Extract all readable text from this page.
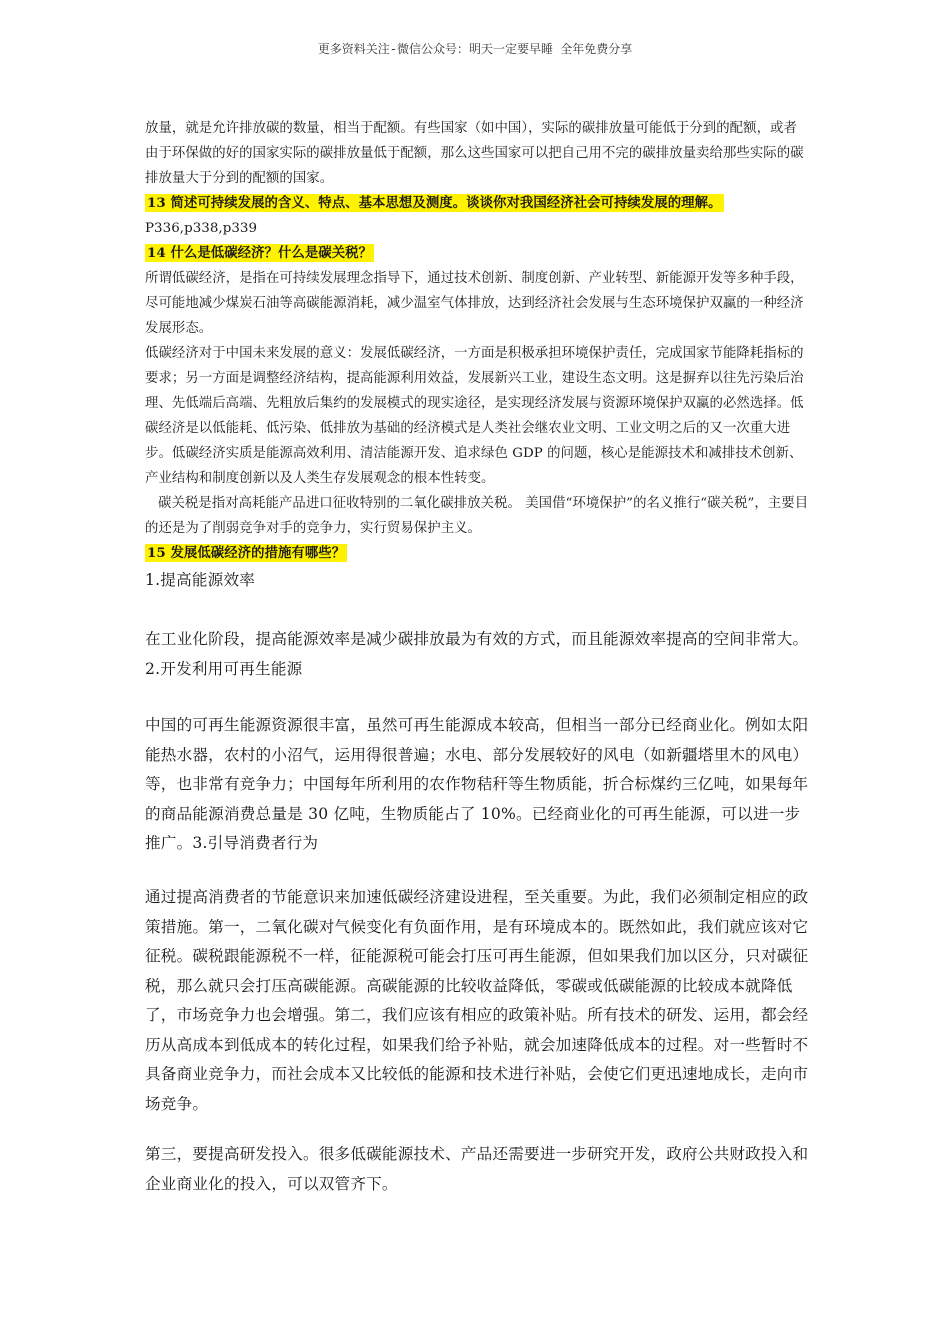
更多资料关注-微信公众号：明天一定要早睡 全年免费分享

放量，就是允许排放碳的数量，相当于配额。有些国家（如中国），实际的碳排放量可能低于分到的配额，或者由于环保做的好的国家实际的碳排放量低于配额，那么这些国家可以把自己用不完的碳排放量卖给那些实际的碳排放量大于分到的配额的国家。

13 简述可持续发展的含义、特点、基本思想及测度。谈谈你对我国经济社会可持续发展的理解。

P336,p338,p339

14 什么是低碳经济？什么是碳关税？

所谓低碳经济，是指在可持续发展理念指导下，通过技术创新、制度创新、产业转型、新能源开发等多种手段，尽可能地减少煤炭石油等高碳能源消耗，减少温室气体排放，达到经济社会发展与生态环境保护双赢的一种经济发展形态。

低碳经济对于中国未来发展的意义：发展低碳经济，一方面是积极承担环境保护责任，完成国家节能降耗指标的要求；另一方面是调整经济结构，提高能源利用效益，发展新兴工业，建设生态文明。这是摒弃以往先污染后治理、先低端后高端、先粗放后集约的发展模式的现实途径，是实现经济发展与资源环境保护双赢的必然选择。低碳经济是以低能耗、低污染、低排放为基础的经济模式是人类社会继农业文明、工业文明之后的又一次重大进步。低碳经济实质是能源高效利用、清洁能源开发、追求绿色 GDP 的问题，核心是能源技术和减排技术创新、产业结构和制度创新以及人类生存发展观念的根本性转变。

碳关税是指对高耗能产品进口征收特别的二氧化碳排放关税。 美国借“环境保护”的名义推行“碳关税”，主要目的还是为了削弱竞争对手的竞争力，实行贸易保护主义。

15 发展低碳经济的措施有哪些？

1.提高能源效率

在工业化阶段，提高能源效率是减少碳排放最为有效的方式，而且能源效率提高的空间非常大。2.开发利用可再生能源

中国的可再生能源资源很丰富，虽然可再生能源成本较高，但相当一部分已经商业化。例如太阳能热水器，农村的小沼气，运用得很普遍；水电、部分发展较好的风电（如新疆塔里木的风电）等，也非常有竞争力；中国每年所利用的农作物秸秆等生物质能，折合标煤约三亿吨，如果每年的商品能源消费总量是 30 亿吨，生物质能占了 10%。已经商业化的可再生能源，可以进一步推广。3.引导消费者行为

通过提高消费者的节能意识来加速低碳经济建设进程，至关重要。为此，我们必须制定相应的政策措施。第一，二氧化碳对气候变化有负面作用，是有环境成本的。既然如此，我们就应该对它征税。碳税跟能源税不一样，征能源税可能会打压可再生能源，但如果我们加以区分，只对碳征税，那么就只会打压高碳能源。高碳能源的比较收益降低，零碳或低碳能源的比较成本就降低了，市场竞争力也会增强。第二，我们应该有相应的政策补贴。所有技术的研发、运用，都会经历从高成本到低成本的转化过程，如果我们给予补贴，就会加速降低成本的过程。对一些暂时不具备商业竞争力，而社会成本又比较低的能源和技术进行补贴，会使它们更迅速地成长，走向市场竞争。

第三，要提高研发投入。很多低碳能源技术、产品还需要进一步研究开发，政府公共财政投入和企业商业化的投入，可以双管齐下。
